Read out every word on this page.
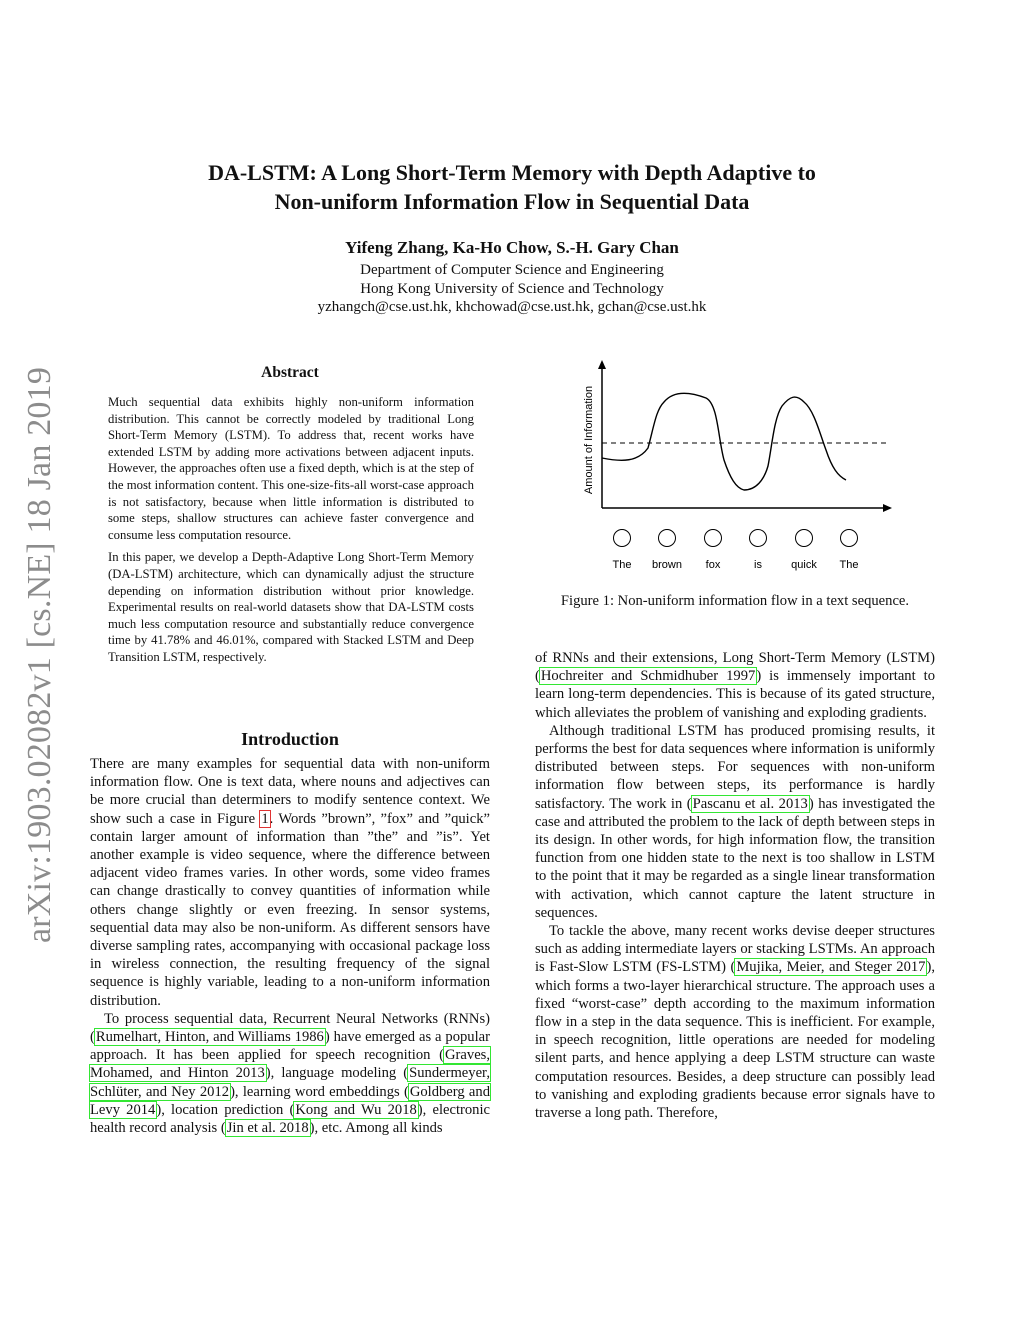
arXiv:1903.02082v1 [cs.NE] 18 Jan 2019
DA-LSTM: A Long Short-Term Memory with Depth Adaptive to
Non-uniform Information Flow in Sequential Data
Yifeng Zhang, Ka-Ho Chow, S.-H. Gary Chan
Department of Computer Science and Engineering
Hong Kong University of Science and Technology
yzhangch@cse.ust.hk, khchowad@cse.ust.hk, gchan@cse.ust.hk
Abstract

Much sequential data exhibits highly non-uniform information distribution. This cannot be correctly modeled by traditional Long Short-Term Memory (LSTM). To address that, recent works have extended LSTM by adding more activations between adjacent inputs. However, the approaches often use a fixed depth, which is at the step of the most information content. This one-size-fits-all worst-case approach is not satisfactory, because when little information is distributed to some steps, shallow structures can achieve faster convergence and consume less computation resource.

In this paper, we develop a Depth-Adaptive Long Short-Term Memory (DA-LSTM) architecture, which can dynamically adjust the structure depending on information distribution without prior knowledge. Experimental results on real-world datasets show that DA-LSTM costs much less computation resource and substantially reduce convergence time by 41.78% and 46.01%, compared with Stacked LSTM and Deep Transition LSTM, respectively.

Introduction

There are many examples for sequential data with non-uniform information flow. One is text data, where nouns and adjectives can be more crucial than determiners to modify sentence context. We show such a case in Figure 1. Words ”brown”, ”fox” and ”quick” contain larger amount of information than ”the” and ”is”. Yet another example is video sequence, where the difference between adjacent video frames varies. In other words, some video frames can change drastically to convey quantities of information while others change slightly or even freezing. In sensor systems, sequential data may also be non-uniform. As different sensors have diverse sampling rates, accompanying with occasional package loss in wireless connection, the resulting frequency of the signal sequence is highly variable, leading to a non-uniform information distribution.

To process sequential data, Recurrent Neural Networks (RNNs) (Rumelhart, Hinton, and Williams 1986) have emerged as a popular approach. It has been applied for speech recognition (Graves, Mohamed, and Hinton 2013), language modeling (Sundermeyer, Schlüter, and Ney 2012), learning word embeddings (Goldberg and Levy 2014), location prediction (Kong and Wu 2018), electronic health record analysis (Jin et al. 2018), etc. Among all kinds

Amount of Information
The brown fox	is	quick The
Figure 1: Non-uniform information flow in a text sequence.

of RNNs and their extensions, Long Short-Term Memory (LSTM) (Hochreiter and Schmidhuber 1997) is immensely important to learn long-term dependencies. This is because of its gated structure, which alleviates the problem of vanishing and exploding gradients.

Although traditional LSTM has produced promising results, it performs the best for data sequences where information is uniformly distributed between steps. For sequences with non-uniform information flow between steps, its performance is hardly satisfactory. The work in (Pascanu et al. 2013) has investigated the case and attributed the problem to the lack of depth between steps in its design. In other words, for high information flow, the transition function from one hidden state to the next is too shallow in LSTM to the point that it may be regarded as a single linear transformation with activation, which cannot capture the latent structure in sequences.

To tackle the above, many recent works devise deeper structures such as adding intermediate layers or stacking LSTMs. An approach is Fast-Slow LSTM (FS-LSTM) (Mujika, Meier, and Steger 2017), which forms a two-layer hierarchical structure. The approach uses a fixed “worst-case” depth according to the maximum information flow in a step in the data sequence. This is inefficient. For example, in speech recognition, little operations are needed for modeling silent parts, and hence applying a deep LSTM structure can waste computation resources. Besides, a deep structure can possibly lead to vanishing and exploding gradients because error signals have to traverse a long path. Therefore,
